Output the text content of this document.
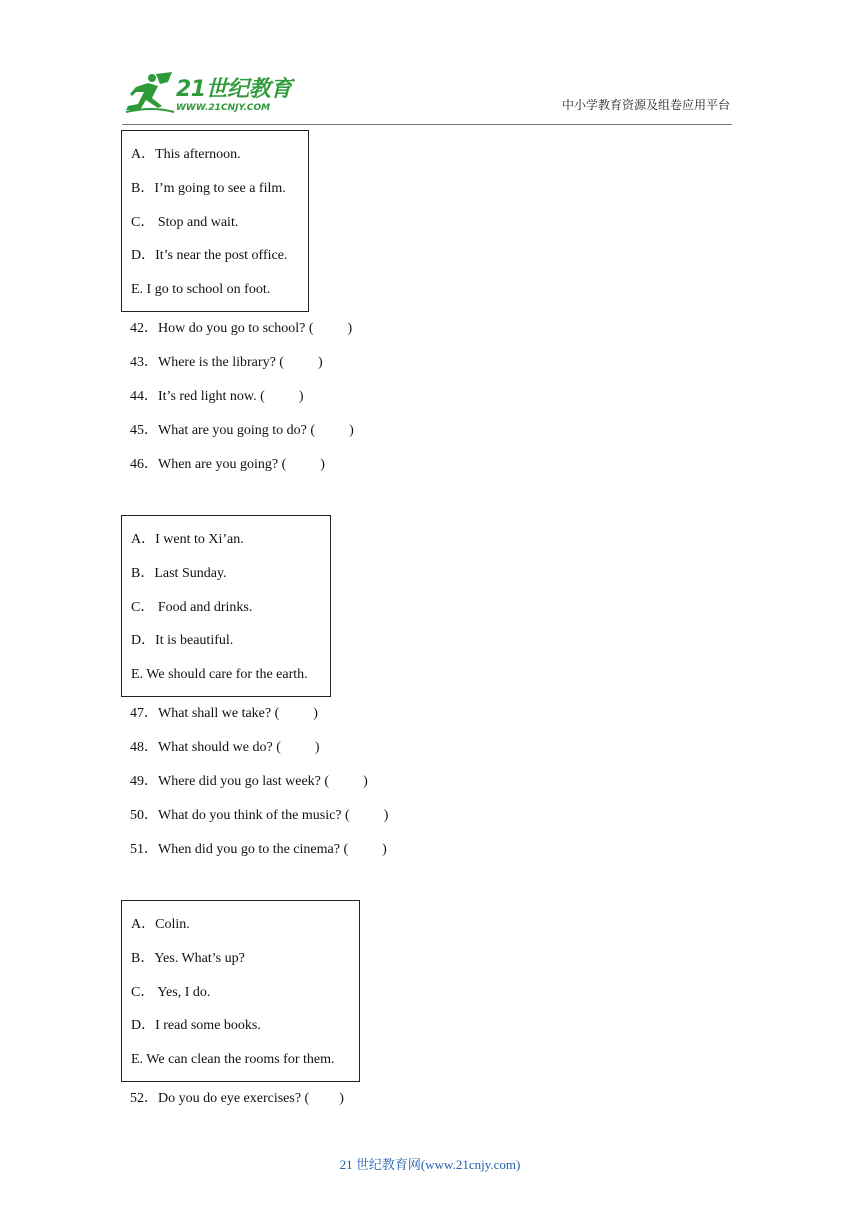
21世纪教育
WWW.21CNJY.COM	中小学教育资源及组卷应用平台
A．This afternoon.
B．I’m going to see a film.
C． Stop and wait.
D．It’s near the post office.
E. I go to school on foot.
42．How do you go to school? ( )
43．Where is the library? ( )
44．It’s red light now. ( )
45．What are you going to do? ( )
46．When are you going? ( )
A．I went to Xi’an.
B．Last Sunday.
C． Food and drinks.
D．It is beautiful.
E. We should care for the earth.
47．What shall we take? ( )
48．What should we do? ( )
49．Where did you go last week? ( )
50．What do you think of the music? ( )
51．When did you go to the cinema? ( )
A．Colin.
B．Yes. What’s up?
C． Yes, I do.
D．I read some books.
E. We can clean the rooms for them.
52．Do you do eye exercises? ( )
21 世纪教育网(www.21cnjy.com)
